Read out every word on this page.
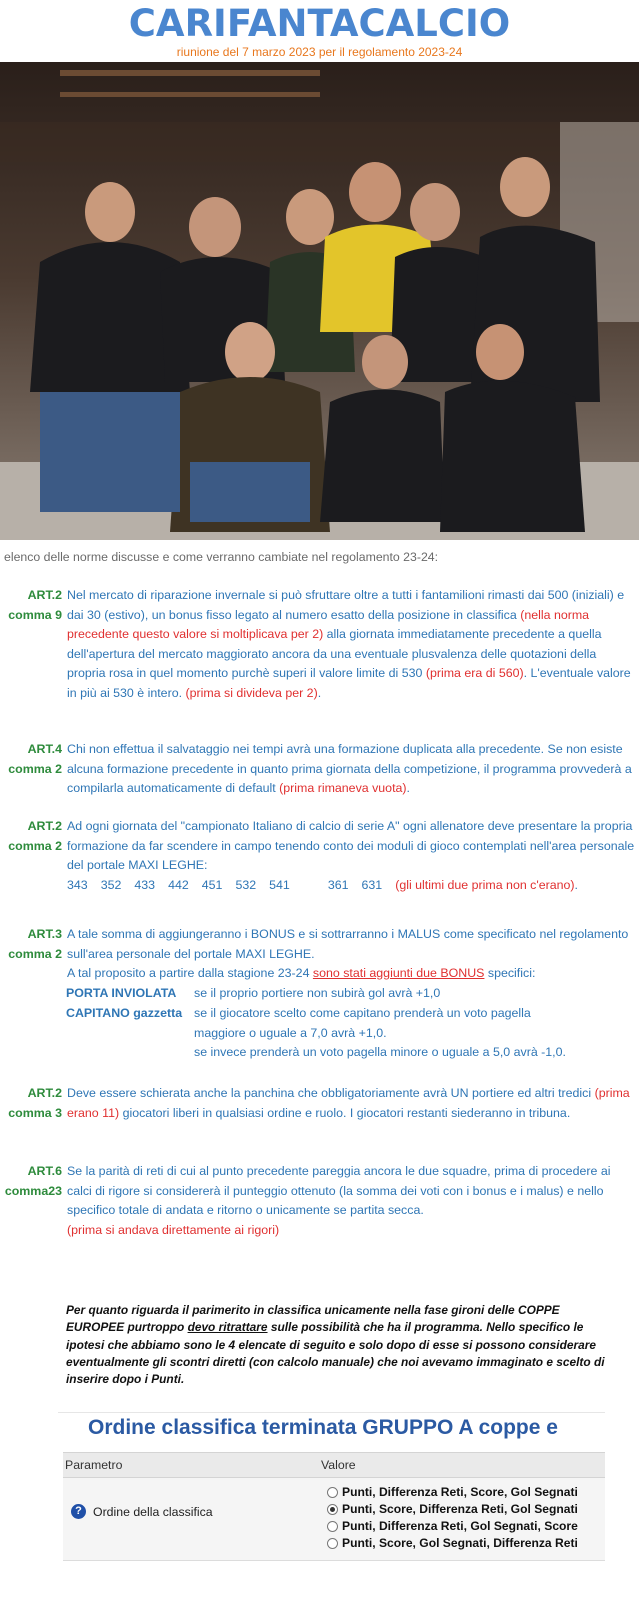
CARIFANTACALCIO
riunione del 7 marzo 2023 per il regolamento 2023-24
elenco delle norme discusse e come verranno cambiate nel regolamento 23-24:
ART.2
comma 9
Nel mercato di riparazione invernale si può sfruttare oltre a tutti i fantamilioni rimasti dai 500 (iniziali) e dai 30 (estivo), un bonus fisso legato al numero esatto della posizione in classifica (nella norma precedente questo valore si moltiplicava per 2) alla giornata immediatamente precedente a quella dell'apertura del mercato maggiorato ancora da una eventuale plusvalenza delle quotazioni della propria rosa in quel momento purchè superi il valore limite di 530 (prima era di 560). L'eventuale valore in più ai 530 è intero. (prima si divideva per 2).
ART.4
comma 2
Chi non effettua il salvataggio nei tempi avrà una formazione duplicata alla precedente. Se non esiste alcuna formazione precedente in quanto prima giornata della competizione, il programma provvederà a compilarla automaticamente di default (prima rimaneva vuota).
ART.2
comma 2
Ad ogni giornata del "campionato Italiano di calcio di serie A" ogni allenatore deve presentare la propria formazione da far scendere in campo tenendo conto dei moduli di gioco contemplati nell'area personale del portale MAXI LEGHE:
343 352 433 442 451 532 541	361 631 (gli ultimi due prima non c'erano).
ART.3
comma 2
A tale somma di aggiungeranno i BONUS e si sottrarranno i MALUS come specificato nel regolamento sull'area personale del portale MAXI LEGHE.
A tal proposito a partire dalla stagione 23-24 sono stati aggiunti due BONUS specifici:
PORTA INVIOLATA se il proprio portiere non subirà gol avrà +1,0
CAPITANO gazzetta se il giocatore scelto come capitano prenderà un voto pagella
maggiore o uguale a 7,0 avrà +1,0.
se invece prenderà un voto pagella minore o uguale a 5,0 avrà -1,0.
ART.2
comma 3
Deve essere schierata anche la panchina che obbligatoriamente avrà UN portiere ed altri tredici (prima erano 11) giocatori liberi in qualsiasi ordine e ruolo. I giocatori restanti siederanno in tribuna.
ART.6
comma23
Se la parità di reti di cui al punto precedente pareggia ancora le due squadre, prima di procedere ai calci di rigore si considererà il punteggio ottenuto (la somma dei voti con i bonus e i malus) e nello specifico totale di andata e ritorno o unicamente se partita secca.
(prima si andava direttamente ai rigori)
Per quanto riguarda il parimerito in classifica unicamente nella fase gironi delle COPPE EUROPEE purtroppo devo ritrattare sulle possibilità che ha il programma. Nello specifico le ipotesi che abbiamo sono le 4 elencate di seguito e solo dopo di esse si possono considerare eventualmente gli scontri diretti (con calcolo manuale) che noi avevamo immaginato e scelto di inserire dopo i Punti.
Ordine classifica terminata GRUPPO A coppe e
Parametro	Valore
? Ordine della classifica
Punti, Differenza Reti, Score, Gol Segnati
Punti, Score, Differenza Reti, Gol Segnati
Punti, Differenza Reti, Gol Segnati, Score
Punti, Score, Gol Segnati, Differenza Reti
